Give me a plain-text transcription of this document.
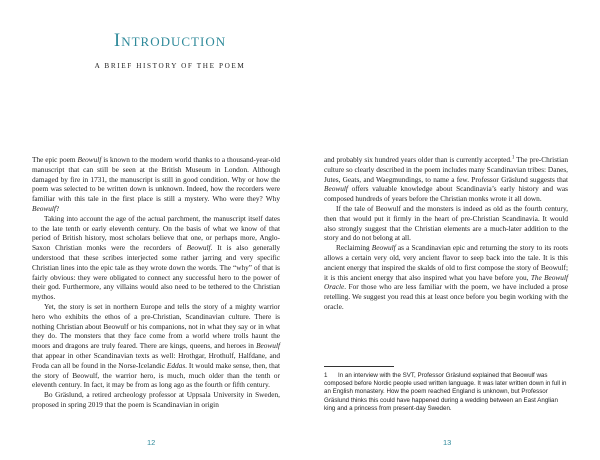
Introduction
A BRIEF HISTORY OF THE POEM

The epic poem Beowulf is known to the modern world thanks to a thousand-year-old manuscript that can still be seen at the British Museum in London. Although damaged by fire in 1731, the manuscript is still in good condition. Why or how the poem was selected to be written down is unknown. Indeed, how the recorders were familiar with this tale in the first place is still a mystery. Who were they? Why Beowulf?

Taking into account the age of the actual parchment, the manuscript itself dates to the late tenth or early eleventh century. On the basis of what we know of that period of British history, most scholars believe that one, or perhaps more, Anglo-Saxon Christian monks were the recorders of Beowulf. It is also generally understood that these scribes interjected some rather jarring and very specific Christian lines into the epic tale as they wrote down the words. The “why” of that is fairly obvious: they were obligated to connect any successful hero to the power of their god. Furthermore, any villains would also need to be tethered to the Christian mythos.

Yet, the story is set in northern Europe and tells the story of a mighty warrior hero who exhibits the ethos of a pre-Christian, Scandinavian culture. There is nothing Christian about Beowulf or his companions, not in what they say or in what they do. The monsters that they face come from a world where trolls haunt the moors and dragons are truly feared. There are kings, queens, and heroes in Beowulf that appear in other Scandinavian texts as well: Hrothgar, Hrothulf, Halfdane, and Froda can all be found in the Norse-Icelandic Eddas. It would make sense, then, that the story of Beowulf, the warrior hero, is much, much older than the tenth or eleventh century. In fact, it may be from as long ago as the fourth or fifth century.

Bo Gräslund, a retired archeology professor at Uppsala University in Sweden, proposed in spring 2019 that the poem is Scandinavian in origin

12

and probably six hundred years older than is currently accepted.$^1$ The pre-Christian culture so clearly described in the poem includes many Scandinavian tribes: Danes, Jutes, Geats, and Waegmundings, to name a few. Professor Gräslund suggests that Beowulf offers valuable knowledge about Scandinavia’s early history and was composed hundreds of years before the Christian monks wrote it all down.

If the tale of Beowulf and the monsters is indeed as old as the fourth century, then that would put it firmly in the heart of pre-Christian Scandinavia. It would also strongly suggest that the Christian elements are a much-later addition to the story and do not belong at all.

Reclaiming Beowulf as a Scandinavian epic and returning the story to its roots allows a certain very old, very ancient flavor to seep back into the tale. It is this ancient energy that inspired the skalds of old to first compose the story of Beowulf; it is this ancient energy that also inspired what you have before you, The Beowulf Oracle. For those who are less familiar with the poem, we have included a prose retelling. We suggest you read this at least once before you begin working with the oracle.

1 In an interview with the SVT, Professor Gräslund explained that Beowulf was composed before Nordic people used written language. It was later written down in full in an English monastery. How the poem reached England is unknown, but Professor Gräslund thinks this could have happened during a wedding between an East Anglian king and a princess from present-day Sweden.
13
